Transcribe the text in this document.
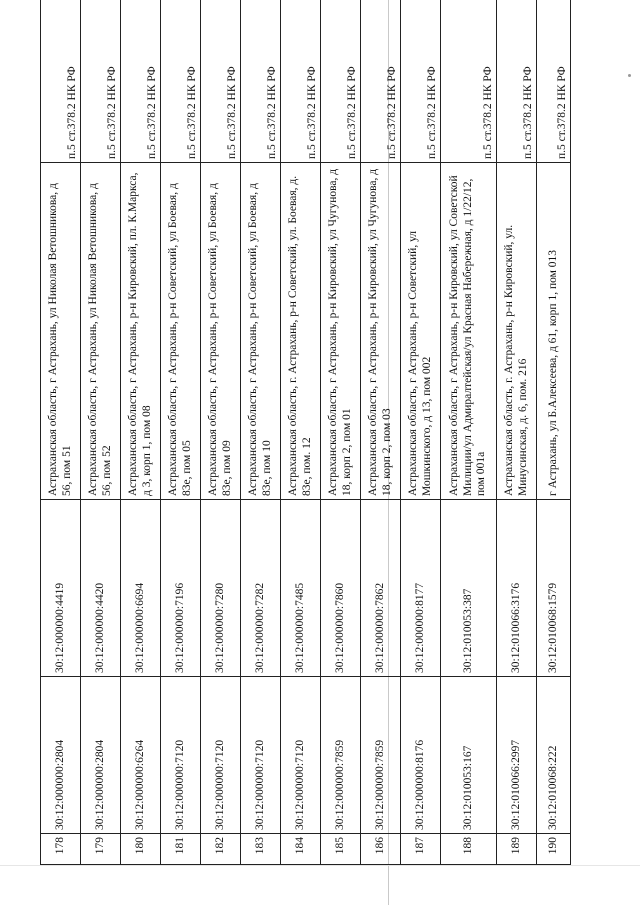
178	30:12:000000:2804	30:12:000000:4419	Астраханская область, г Астрахань, ул Николая Ветошникова, д 56, пом 51	п.5 ст.378.2 НК РФ
179	30:12:000000:2804	30:12:000000:4420	Астраханская область, г Астрахань, ул Николая Ветошникова, д 56, пом 52	п.5 ст.378.2 НК РФ
180	30:12:000000:6264	30:12:000000:6694	Астраханская область, г Астрахань, р-н Кировский, пл. К.Маркса, д 3, корп 1, пом 08	п.5 ст.378.2 НК РФ
181	30:12:000000:7120	30:12:000000:7196	Астраханская область, г Астрахань, р-н Советский, ул Боевая, д 83е, пом 05	п.5 ст.378.2 НК РФ
182	30:12:000000:7120	30:12:000000:7280	Астраханская область, г Астрахань, р-н Советский, ул Боевая, д 83е, пом 09	п.5 ст.378.2 НК РФ
183	30:12:000000:7120	30:12:000000:7282	Астраханская область, г Астрахань, р-н Советский, ул Боевая, д 83е, пом 10	п.5 ст.378.2 НК РФ
184	30:12:000000:7120	30:12:000000:7485	Астраханская область, г. Астрахань, р-н Советский, ул. Боевая, д. 83е, пом. 12	п.5 ст.378.2 НК РФ
185	30:12:000000:7859	30:12:000000:7860	Астраханская область, г Астрахань, р-н Кировский, ул Чугунова, д 18, корп 2, пом 01	п.5 ст.378.2 НК РФ
186	30:12:000000:7859	30:12:000000:7862	Астраханская область, г Астрахань, р-н Кировский, ул Чугунова, д 18, корп 2, пом 03	п.5 ст.378.2 НК РФ
187	30:12:000000:8176	30:12:000000:8177	Астраханская область, г Астрахань, р-н Советский, ул Мошкинского, д 13, пом 002	п.5 ст.378.2 НК РФ
188	30:12:010053:167	30:12:010053:387	Астраханская область, г Астрахань, р-н Кировский, ул Советской Милиции/ул Адмиралтейская/ул Красная Набережная, д 1/22/12, пом 001а	п.5 ст.378.2 НК РФ
189	30:12:010066:2997	30:12:010066:3176	Астраханская область, г. Астрахань, р-н Кировский, ул. Минусинская, д. 6, пом. 216	п.5 ст.378.2 НК РФ
190	30:12:010068:222	30:12:010068:1579	г Астрахань, ул Б.Алексеева, д 61, корп 1, пом 013	п.5 ст.378.2 НК РФ
